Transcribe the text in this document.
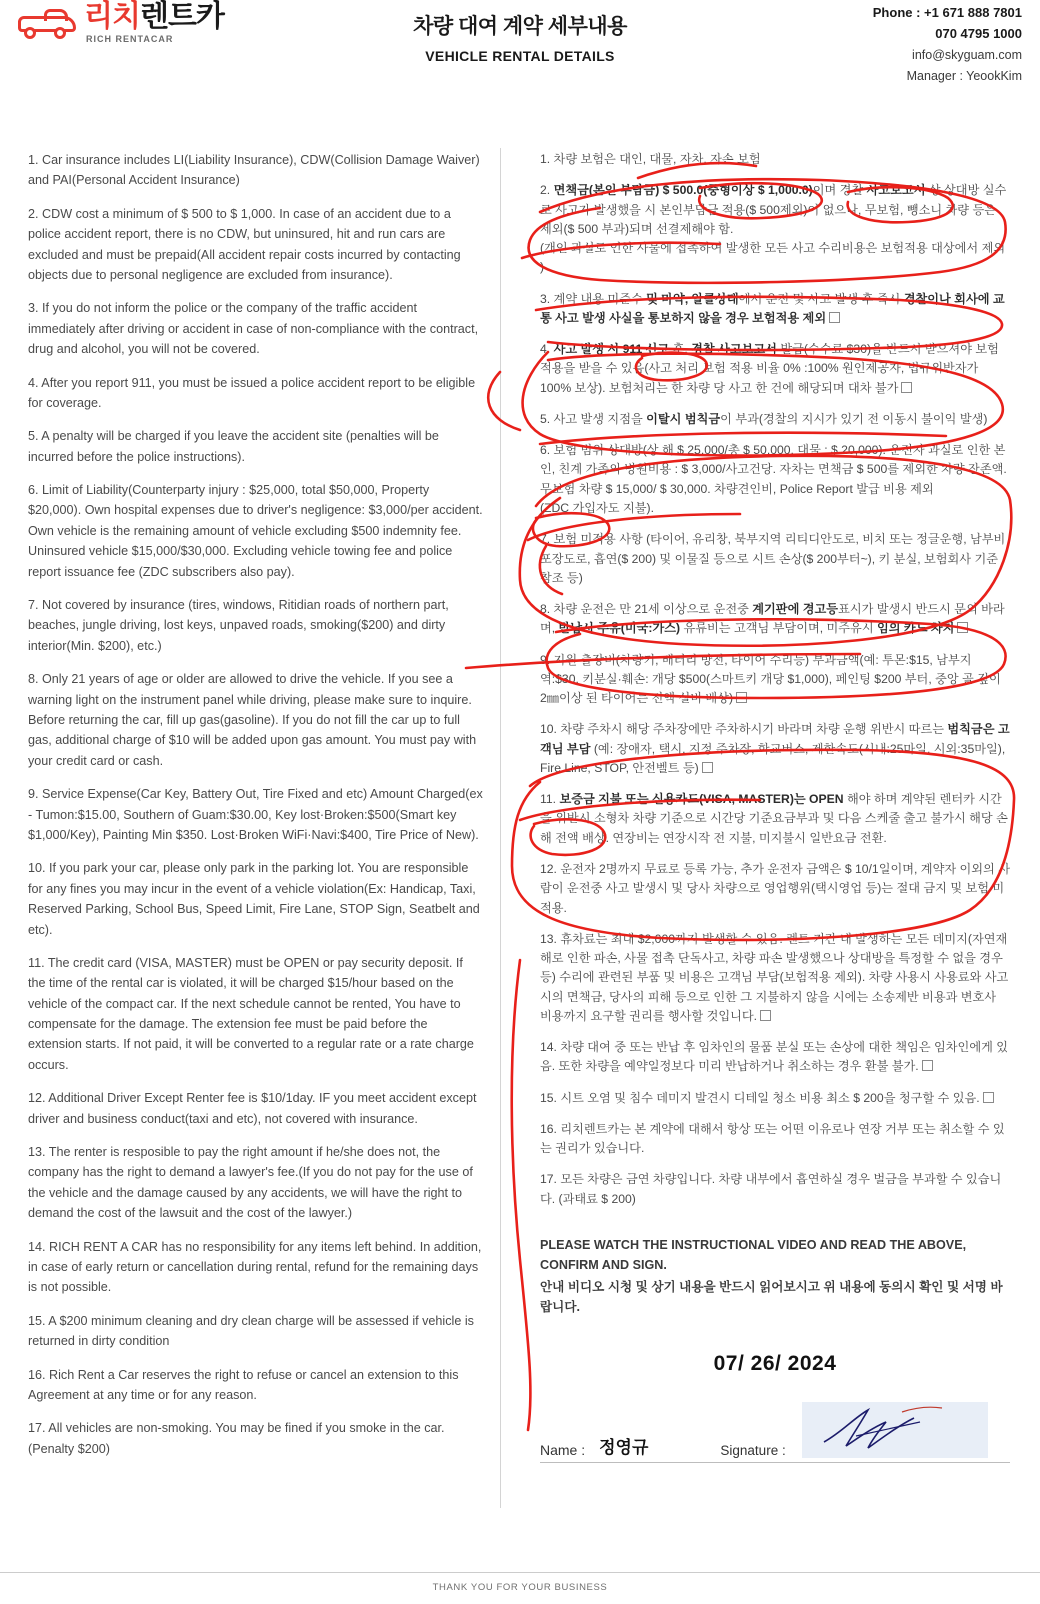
리치렌트카
RICH RENTACAR
차량 대여 계약 세부내용
VEHICLE RENTAL DETAILS
Phone : +1 671 888 7801
070 4795 1000
info@skyguam.com
Manager : YeookKim
1. Car insurance includes LI(Liability Insurance), CDW(Collision Damage Waiver) and PAI(Personal Accident Insurance)
2. CDW cost a minimum of $ 500 to $ 1,000. In case of an accident due to a police accident report, there is no CDW, but uninsured, hit and run cars are excluded and must be prepaid(All accident repair costs incurred by contacting objects due to personal negligence are excluded from insurance).
3. If you do not inform the police or the company of the traffic accident immediately after driving or accident in case of non-compliance with the contract, drug and alcohol, you will not be covered.
4. After you report 911, you must be issued a police accident report to be eligible for coverage.
5. A penalty will be charged if you leave the accident site (penalties will be incurred before the police instructions).
6. Limit of Liability(Counterparty injury : $25,000, total $50,000, Property $20,000). Own hospital expenses due to driver's negligence: $3,000/per accident. Own vehicle is the remaining amount of vehicle excluding $500 indemnity fee. Uninsured vehicle $15,000/$30,000. Excluding vehicle towing fee and police report issuance fee (ZDC subscribers also pay).
7. Not covered by insurance (tires, windows, Ritidian roads of northern part, beaches, jungle driving, lost keys, unpaved roads, smoking($200) and dirty interior(Min. $200), etc.)
8. Only 21 years of age or older are allowed to drive the vehicle. If you see a warning light on the instrument panel while driving, please make sure to inquire. Before returning the car, fill up gas(gasoline). If you do not fill the car up to full gas, additional charge of $10 will be added upon gas amount. You must pay with your credit card or cash.
9. Service Expense(Car Key, Battery Out, Tire Fixed and etc) Amount Charged(ex - Tumon:$15.00, Southern of Guam:$30.00, Key lost·Broken:$500(Smart key $1,000/Key), Painting Min $350. Lost·Broken WiFi·Navi:$400, Tire Price of New).
10. If you park your car, please only park in the parking lot. You are responsible for any fines you may incur in the event of a vehicle violation(Ex: Handicap, Taxi, Reserved Parking, School Bus, Speed Limit, Fire Lane, STOP Sign, Seatbelt and etc).
11. The credit card (VISA, MASTER) must be OPEN or pay security deposit. If the time of the rental car is violated, it will be charged $15/hour based on the vehicle of the compact car. If the next schedule cannot be rented, You have to compensate for the damage. The extension fee must be paid before the extension starts. If not paid, it will be converted to a regular rate or a rate charge occurs.
12. Additional Driver Except Renter fee is $10/1day. IF you meet accident except driver and business conduct(taxi and etc), not covered with insurance.
13. The renter is resposible to pay the right amount if he/she does not, the company has the right to demand a lawyer's fee.(If you do not pay for the use of the vehicle and the damage caused by any accidents, we will have the right to demand the cost of the lawsuit and the cost of the lawyer.)
14. RICH RENT A CAR has no responsibility for any items left behind. In addition, in case of early return or cancellation during rental, refund for the remaining days is not possible.
15. A $200 minimum cleaning and dry clean charge will be assessed if vehicle is returned in dirty condition
16. Rich Rent a Car reserves the right to refuse or cancel an extension to this Agreement at any time or for any reason.
17. All vehicles are non-smoking. You may be fined if you smoke in the car. (Penalty $200)
1. 차량 보험은 대인, 대물, 자차, 자손 보험
2. 면책금(본인 부담금) $ 500.0(중형이상 $ 1,000.0)이며 경찰 사고보고서 상 상대방 실수로 사고가 발생했을 시 본인부담금 적용($ 500제외)이 없으나, 무보험, 뺑소니 차량 등은 제외($ 500 부과)되며 선결제해야 함.
(개인 과실로 인한 사물에 접촉하여 발생한 모든 사고 수리비용은 보험적용 대상에서 제외 )
3. 계약 내용 미준수 및 마약, 알콜상태에서 운전 및 사고 발생 후 즉시 경찰이나 회사에 교통 사고 발생 사실을 통보하지 않을 경우 보험적용 제외
4. 사고 발생 시 911 신고 후, 경찰 사고보고서 발급(수수료 $30)을 반드시 받으셔야 보험 적용을 받을 수 있음(사고 처리 보험 적용 비율 0% :100% 원인제공자, 법규위반자가 100% 보상). 보험처리는 한 차량 당 사고 한 건에 해당되며 대차 불가
5. 사고 발생 지점을 이탈시 범칙금이 부과(경찰의 지시가 있기 전 이동시 불이익 발생)
6. 보험 범위 상대방(상 해 $ 25,000/총 $ 50,000, 대물 : $ 20,000). 운전자 과실로 인한 본인, 친계 가족의 병원비용 : $ 3,000/사고건당. 자차는 면책금 $ 500를 제외한 차량 잔존액. 무보험 차량 $ 15,000/ $ 30,000. 차량견인비, Police Report 발급 비용 제외
(ZDC 가입자도 지불).
7. 보험 미적용 사항 (타이어, 유리창, 북부지역 리티디안도로, 비치 또는 정글운행, 남부비포장도로, 흡연($ 200) 및 이물질 등으로 시트 손상($ 200부터~), 키 분실, 보험회사 기준 참조 등)
8. 차량 운전은 만 21세 이상으로 운전중 계기판에 경고등표시가 발생시 반드시 문의 바라며, 반납시 주유(미국:가스) 유류비는 고객님 부담이며, 미주유시 임의 카드 차지
9. 지원 출장비(차량키, 배터리 방전, 타이어 수리등) 부과금액(예: 투몬:$15, 남부지역:$30, 키분실·훼손: 개당 $500(스마트키 개당 $1,000), 페인팅 $200 부터, 중앙 골 깊이 2㎜이상 된 타이어는 전액 실비 배상)
10. 차량 주차시 해당 주차장에만 주차하시기 바라며 차량 운행 위반시 따르는 범칙금은 고객님 부담 (예: 장애자, 택시, 지정 주차장, 학교버스, 제한속도(시내:25마일, 시외:35마일), Fire Line, STOP, 안전벨트 등)
11. 보증금 지불 또는 신용카드(VISA, MASTER)는 OPEN 해야 하며 계약된 렌터카 시간을 위반시 소형차 차량 기준으로 시간당 기준요금부과 및 다음 스케줄 출고 불가시 해당 손해 전액 배상. 연장비는 연장시작 전 지불, 미지불시 일반요금 전환.
12. 운전자 2명까지 무료로 등록 가능, 추가 운전자 금액은 $ 10/1일이며, 계약자 이외의 사람이 운전중 사고 발생시 및 당사 차량으로 영업행위(택시영업 등)는 절대 금지 및 보험 미적용.
13. 휴차료는 최대 $2,000까지 발생할 수 있음. 렌트 기간 내 발생하는 모든 데미지(자연재해로 인한 파손, 사물 접촉 단독사고, 차량 파손 발생했으나 상대방을 특정할 수 없을 경우 등) 수리에 관련된 부품 및 비용은 고객님 부담(보험적용 제외). 차량 사용시 사용료와 사고시의 면책금, 당사의 피해 등으로 인한 그 지불하지 않을 시에는 소송제반 비용과 변호사 비용까지 요구할 권리를 행사할 것입니다.
14. 차량 대여 중 또는 반납 후 임차인의 물품 분실 또는 손상에 대한 책임은 임차인에게 있음. 또한 차량을 예약일정보다 미리 반납하거나 취소하는 경우 환불 불가.
15. 시트 오염 및 침수 데미지 발견시 디테일 청소 비용 최소 $ 200을 청구할 수 있음.
16. 리치렌트카는 본 계약에 대해서 항상 또는 어떤 이유로나 연장 거부 또는 취소할 수 있는 권리가 있습니다.
17. 모든 차량은 금연 차량입니다. 차량 내부에서 흡연하실 경우 벌금을 부과할 수 있습니다. (과태료 $ 200)
PLEASE WATCH THE INSTRUCTIONAL VIDEO AND READ THE ABOVE, CONFIRM AND SIGN.
안내 비디오 시청 및 상기 내용을 반드시 읽어보시고 위 내용에 동의시 확인 및 서명 바랍니다.
07/ 26/ 2024
Name : 정영규	Signature :
THANK YOU FOR YOUR BUSINESS
